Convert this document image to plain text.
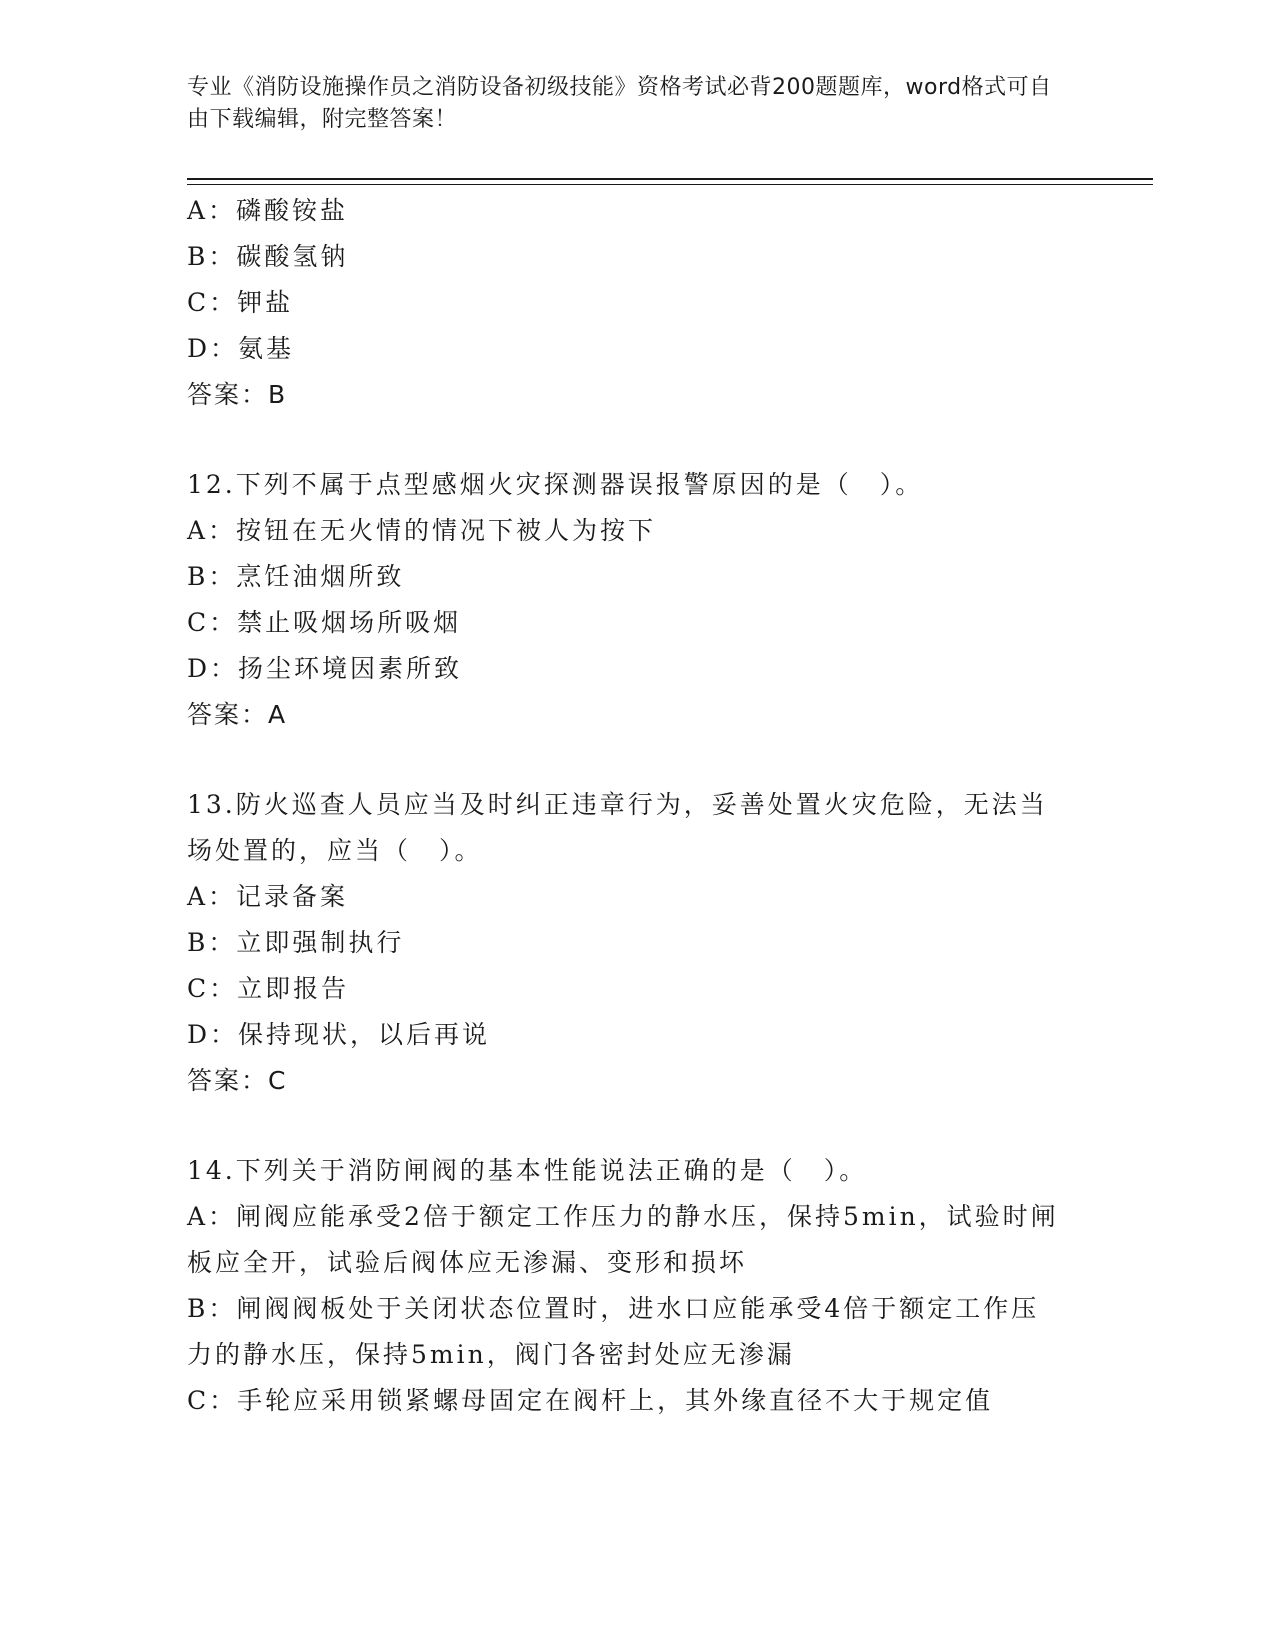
专业《消防设施操作员之消防设备初级技能》资格考试必背200题题库，word格式可自由下载编辑，附完整答案！
A：磷酸铵盐
B：碳酸氢钠
C：钾盐
D：氨基
答案：B
12.下列不属于点型感烟火灾探测器误报警原因的是（　）。
A：按钮在无火情的情况下被人为按下
B：烹饪油烟所致
C：禁止吸烟场所吸烟
D：扬尘环境因素所致
答案：A
13.防火巡查人员应当及时纠正违章行为，妥善处置火灾危险，无法当
场处置的，应当（　）。
A：记录备案
B：立即强制执行
C：立即报告
D：保持现状，以后再说
答案：C
14.下列关于消防闸阀的基本性能说法正确的是（　）。
A：闸阀应能承受2倍于额定工作压力的静水压，保持5min，试验时闸
板应全开，试验后阀体应无渗漏、变形和损坏
B：闸阀阀板处于关闭状态位置时，进水口应能承受4倍于额定工作压
力的静水压，保持5min，阀门各密封处应无渗漏
C：手轮应采用锁紧螺母固定在阀杆上，其外缘直径不大于规定值
